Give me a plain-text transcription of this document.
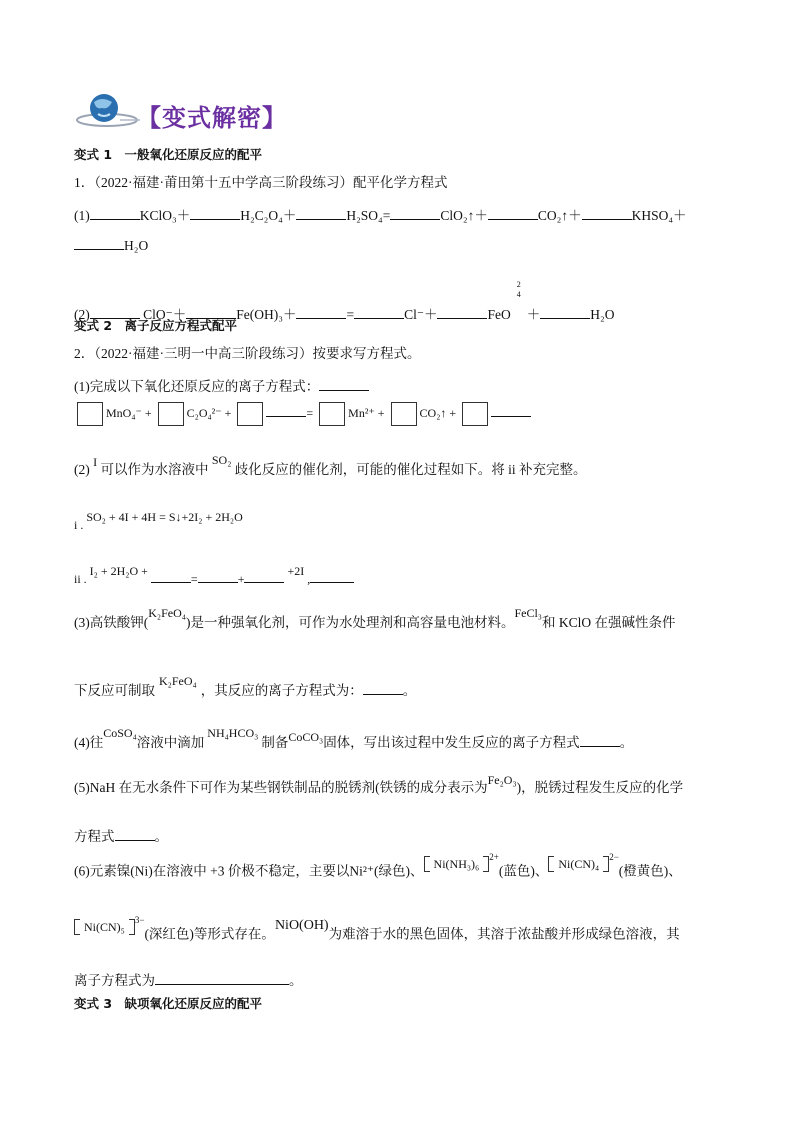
【变式解密】
变式 1　一般氧化还原反应的配平
1．（2022·福建·莆田第十五中学高三阶段练习）配平化学方程式
(1)	KClO₃＋	H₂C₂O₄＋	H₂SO₄=	ClO₂↑＋	CO₂↑＋	KHSO₄＋
H₂O
(2)	ClO⁻＋	Fe(OH)₃＋	=	Cl⁻＋	FeO2
4＋	H₂O
变式 2　离子反应方程式配平
2．（2022·福建·三明一中高三阶段练习）按要求写方程式。
(1)完成以下氧化还原反应的离子方程式：
MnO₄⁻ +	C₂O₄²⁻ +	=	Mn²⁺ +	CO₂↑ +
(2) I 可以作为水溶液中 SO₂ 歧化反应的催化剂，可能的催化过程如下。将 ii 补充完整。
i . SO₂ + 4I + 4H = S↓+2I₂ + 2H₂O
ii . I₂ + 2H₂O + =	+ +2I ,
(3)高铁酸钾(K₂FeO₄)是一种强氧化剂，可作为水处理剂和高容量电池材料。FeCl₃和 KClO 在强碱性条件
下反应可制取K₂FeO₄，其反应的离子方程式为：	。
(4)往CoSO₄溶液中滴加NH₄HCO₃制备CoCO₃固体，写出该过程中发生反应的离子方程式	。
(5)NaH 在无水条件下可作为某些钢铁制品的脱锈剂(铁锈的成分表示为Fe₂O₃)，脱锈过程发生反应的化学
方程式	。
(6)元素镍(Ni)在溶液中 +3 价极不稳定，主要以Ni²⁺(绿色)、 Ni(NH₃)₆ $^{2+}$(蓝色)、 Ni(CN)₄ $^{2-}$(橙黄色)、
Ni(CN)₅ $^{3-}$(深红色)等形式存在。NiO(OH)为难溶于水的黑色固体，其溶于浓盐酸并形成绿色溶液，其
离子方程式为	。
变式 3　缺项氧化还原反应的配平
